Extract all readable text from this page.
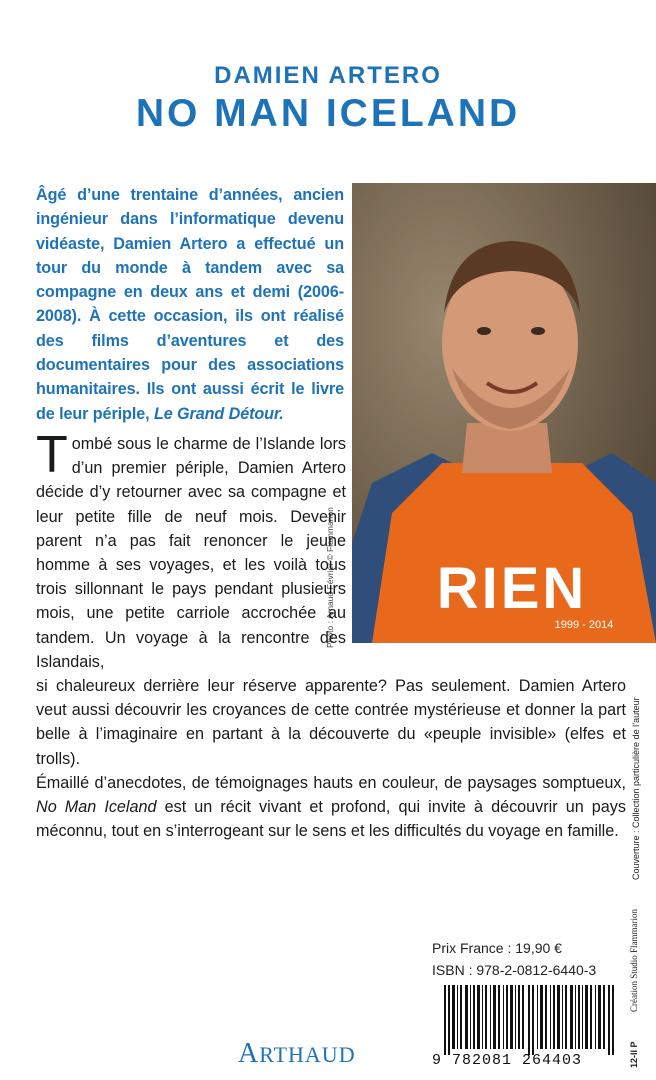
DAMIEN ARTERO
NO MAN ICELAND
Âgé d’une trentaine d’années, ancien ingénieur dans l’informatique devenu vidéaste, Damien Artero a effectué un tour du monde à tandem avec sa compagne en deux ans et demi (2006-2008). À cette occasion, ils ont réalisé des films d’aventures et des documentaires pour des associations humanitaires. Ils ont aussi écrit le livre de leur périple, Le Grand Détour.
RIEN
1999 - 2014
Photo : Arnaud Février © Flammarion
Tombé sous le charme de l’Islande lors d’un premier périple, Damien Artero décide d’y retourner avec sa compagne et leur petite fille de neuf mois. Devenir parent n’a pas fait renoncer le jeune homme à ses voyages, et les voilà tous trois sillonnant le pays pendant plusieurs mois, une petite carriole accrochée au tandem. Un voyage à la rencontre des Islandais,

si chaleureux derrière leur réserve apparente? Pas seulement. Damien Artero veut aussi découvrir les croyances de cette contrée mystérieuse et donner la part belle à l’imaginaire en partant à la découverte du «peuple invisible» (elfes et trolls).

Émaillé d’anecdotes, de témoignages hauts en couleur, de paysages somptueux, No Man Iceland est un récit vivant et profond, qui invite à découvrir un pays méconnu, tout en s’interrogeant sur le sens et les difficultés du voyage en famille.	Couverture : Collection particulière de l’auteur
Création Studio Flammarion
12-II P
Prix France : 19,90 €
ISBN : 978-2-0812-6440-3
9 782081 264403
ARTHAUD
